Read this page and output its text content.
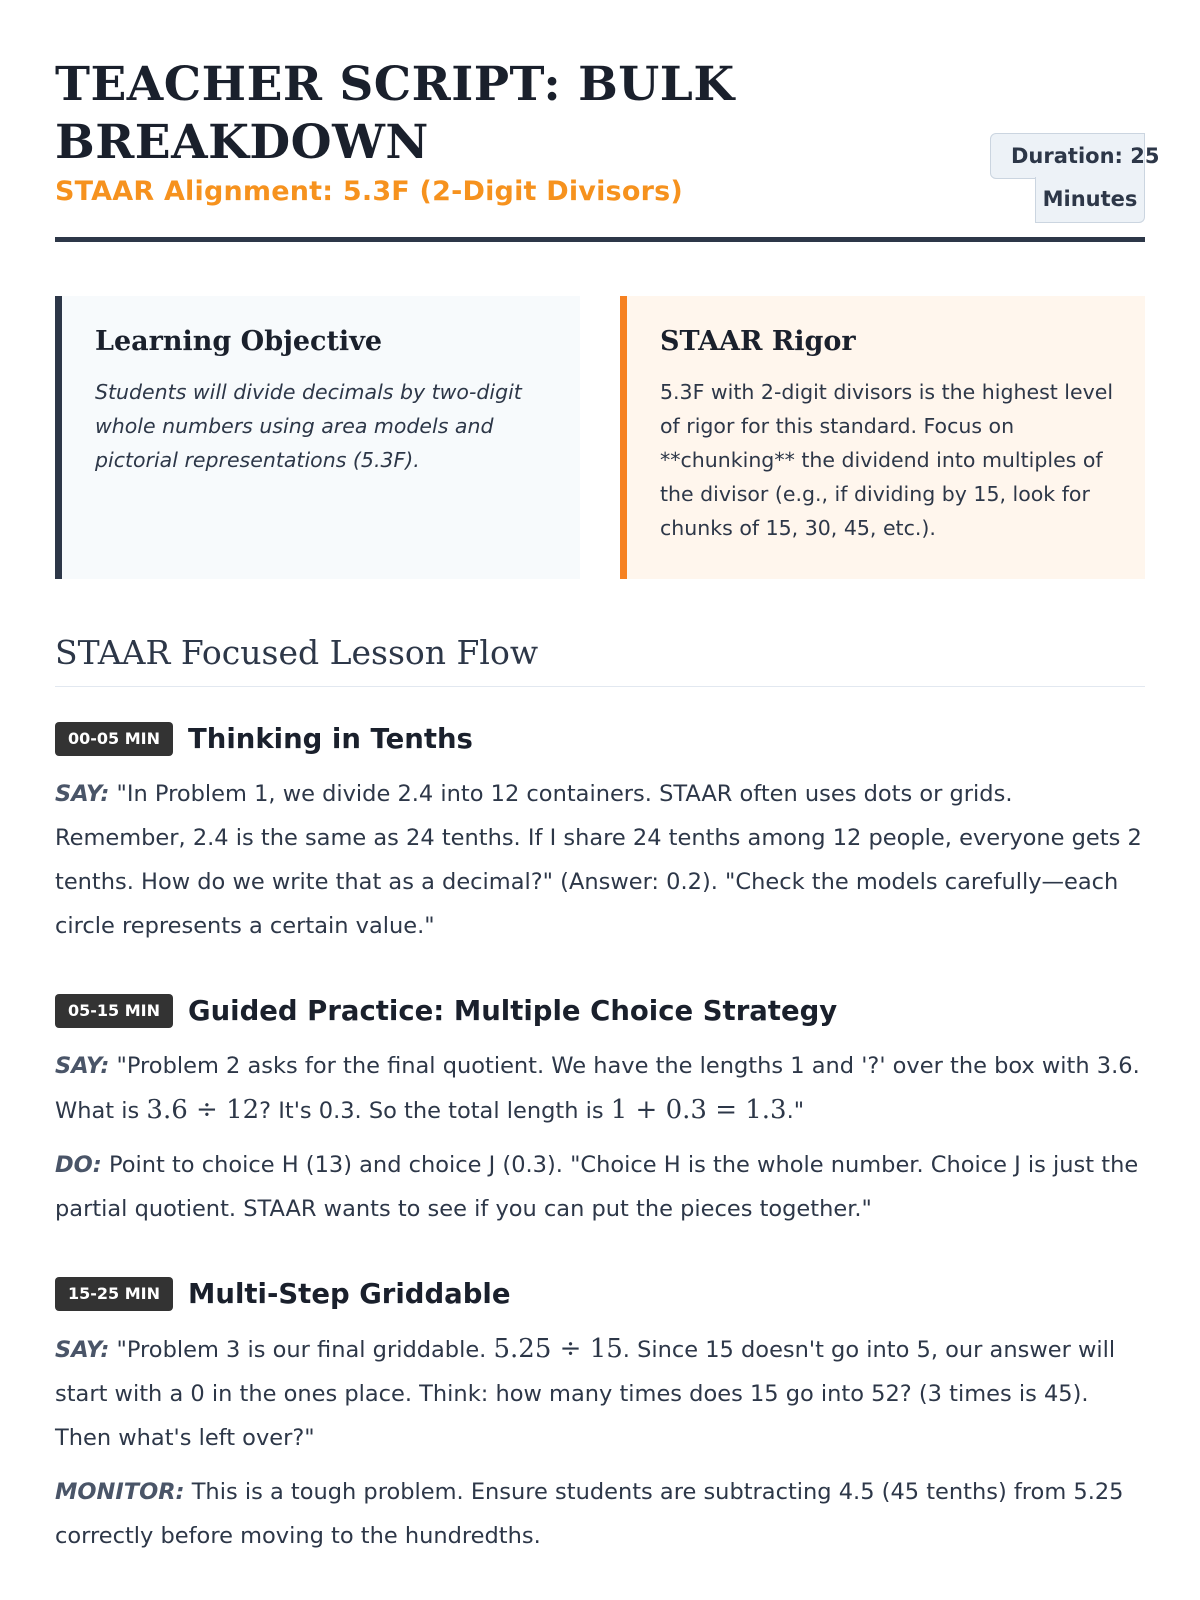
TEACHER SCRIPT: BULK BREAKDOWN
STAAR Alignment: 5.3F (2-Digit Divisors)
Duration: 25
Minutes
Learning Objective

Students will divide decimals by two-digit whole numbers using area models and pictorial representations (5.3F).

STAAR Rigor

5.3F with 2-digit divisors is the highest level of rigor for this standard. Focus on **chunking** the dividend into multiples of the divisor (e.g., if dividing by 15, look for chunks of 15, 30, 45, etc.).

STAAR Focused Lesson Flow
00-05 MIN	Thinking in Tenths

SAY: "In Problem 1, we divide 2.4 into 12 containers. STAAR often uses dots or grids. Remember, 2.4 is the same as 24 tenths. If I share 24 tenths among 12 people, everyone gets 2 tenths. How do we write that as a decimal?" (Answer: 0.2). "Check the models carefully—each circle represents a certain value."

05-15 MIN	Guided Practice: Multiple Choice Strategy

SAY: "Problem 2 asks for the final quotient. We have the lengths 1 and '?' over the box with 3.6. What is 3.6 ÷ 12? It's 0.3. So the total length is 1 + 0.3 = 1.3."

DO: Point to choice H (13) and choice J (0.3). "Choice H is the whole number. Choice J is just the partial quotient. STAAR wants to see if you can put the pieces together."

15-25 MIN	Multi-Step Griddable

SAY: "Problem 3 is our final griddable. 5.25 ÷ 15. Since 15 doesn't go into 5, our answer will start with a 0 in the ones place. Think: how many times does 15 go into 52? (3 times is 45). Then what's left over?"

MONITOR: This is a tough problem. Ensure students are subtracting 4.5 (45 tenths) from 5.25 correctly before moving to the hundredths.
